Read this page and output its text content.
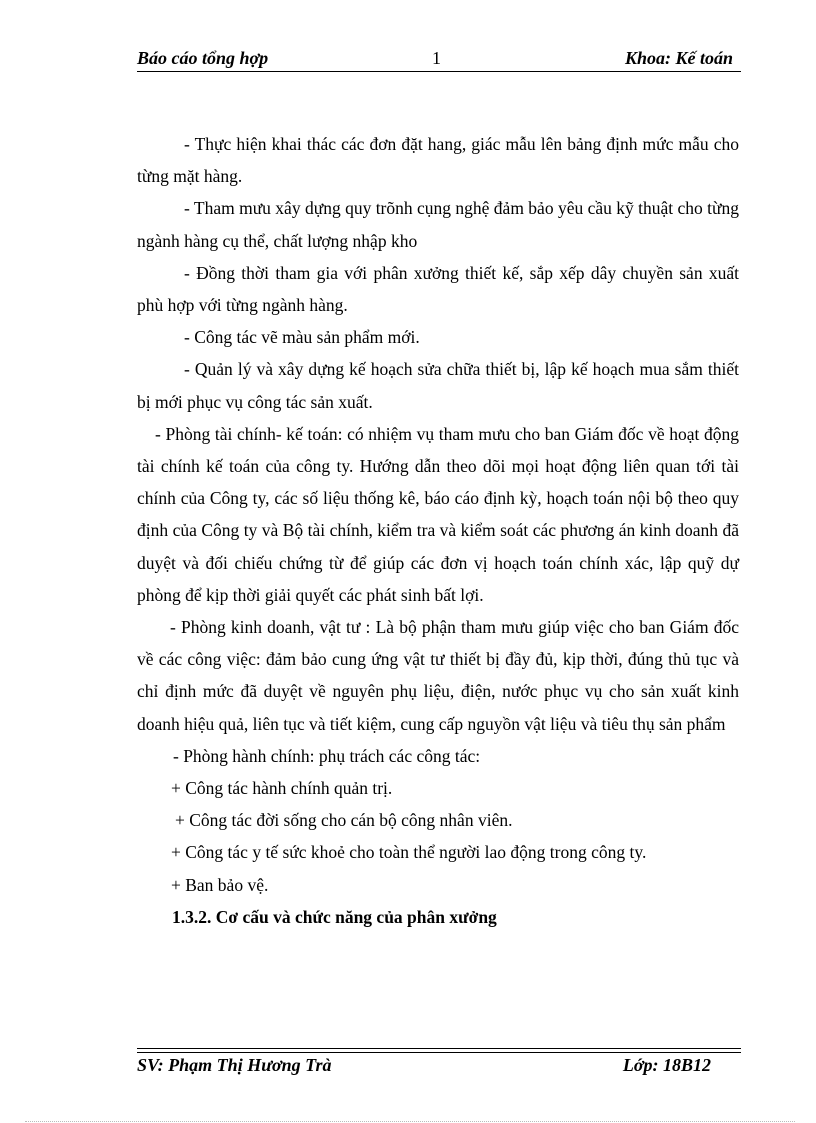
Báo cáo tổng hợp	1	Khoa: Kế toán

- Thực hiện khai thác các đơn đặt hang, giác mẫu lên bảng định mức mẫu cho từng mặt hàng.

- Tham mưu xây dựng quy trõnh cụng nghệ đảm bảo yêu cầu kỹ thuật cho từng ngành hàng cụ thể, chất lượng nhập kho

- Đồng thời tham gia với phân xưởng thiết kế, sắp xếp dây chuyền sản xuất phù hợp với từng ngành hàng.

- Công tác vẽ màu sản phẩm mới.

- Quản lý và xây dựng kế hoạch sửa chữa thiết bị, lập kế hoạch mua sắm thiết bị mới phục vụ công tác sản xuất.

- Phòng tài chính- kế toán: có nhiệm vụ tham mưu cho ban Giám đốc về hoạt động tài chính kế toán của công ty. Hướng dẫn theo dõi mọi hoạt động liên quan tới tài chính của Công ty, các số liệu thống kê, báo cáo định kỳ, hoạch toán nội bộ theo quy định của Công ty và Bộ tài chính, kiểm tra và kiểm soát các phương án kinh doanh đã duyệt và đối chiếu chứng từ để giúp các đơn vị hoạch toán chính xác, lập quỹ dự phòng để kịp thời giải quyết các phát sinh bất lợi.

- Phòng kinh doanh, vật tư : Là bộ phận tham mưu giúp việc cho ban Giám đốc về các công việc: đảm bảo cung ứng vật tư thiết bị đầy đủ, kịp thời, đúng thủ tục và chỉ định mức đã duyệt về nguyên phụ liệu, điện, nước phục vụ cho sản xuất kinh doanh hiệu quả, liên tục và tiết kiệm, cung cấp nguyồn vật liệu và tiêu thụ sản phẩm

- Phòng hành chính: phụ trách các công tác:

+ Công tác hành chính quản trị.

+ Công tác đời sống cho cán bộ công nhân viên.

+ Công tác y tế sức khoẻ cho toàn thể người lao động trong công ty.

+ Ban bảo vệ.

1.3.2. Cơ cấu và chức năng của phân xưởng

SV: Phạm Thị Hương Trà	Lớp: 18B12
